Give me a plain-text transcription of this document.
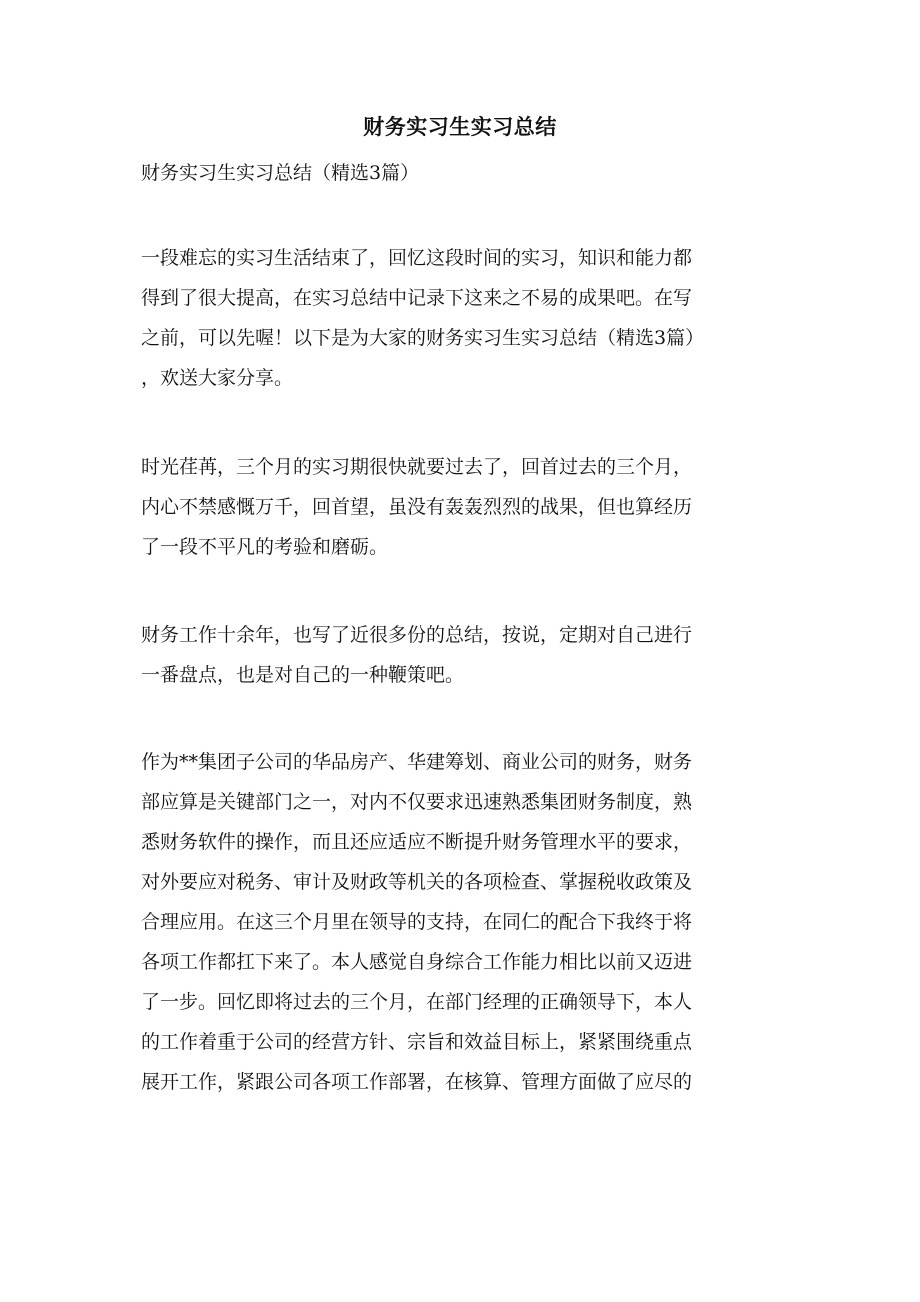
财务实习生实习总结
财务实习生实习总结（精选3篇）
一段难忘的实习生活结束了，回忆这段时间的实习，知识和能力都
得到了很大提高，在实习总结中记录下这来之不易的成果吧。在写
之前，可以先喔！以下是为大家的财务实习生实习总结（精选3篇）
，欢送大家分享。
时光荏苒，三个月的实习期很快就要过去了，回首过去的三个月，
内心不禁感慨万千，回首望，虽没有轰轰烈烈的战果，但也算经历
了一段不平凡的考验和磨砺。
财务工作十余年，也写了近很多份的总结，按说，定期对自己进行
一番盘点，也是对自己的一种鞭策吧。
作为**集团子公司的华品房产、华建筹划、商业公司的财务，财务
部应算是关键部门之一，对内不仅要求迅速熟悉集团财务制度，熟
悉财务软件的操作，而且还应适应不断提升财务管理水平的要求，
对外要应对税务、审计及财政等机关的各项检查、掌握税收政策及
合理应用。在这三个月里在领导的支持，在同仁的配合下我终于将
各项工作都扛下来了。本人感觉自身综合工作能力相比以前又迈进
了一步。回忆即将过去的三个月，在部门经理的正确领导下，本人
的工作着重于公司的经营方针、宗旨和效益目标上，紧紧围绕重点
展开工作，紧跟公司各项工作部署，在核算、管理方面做了应尽的
